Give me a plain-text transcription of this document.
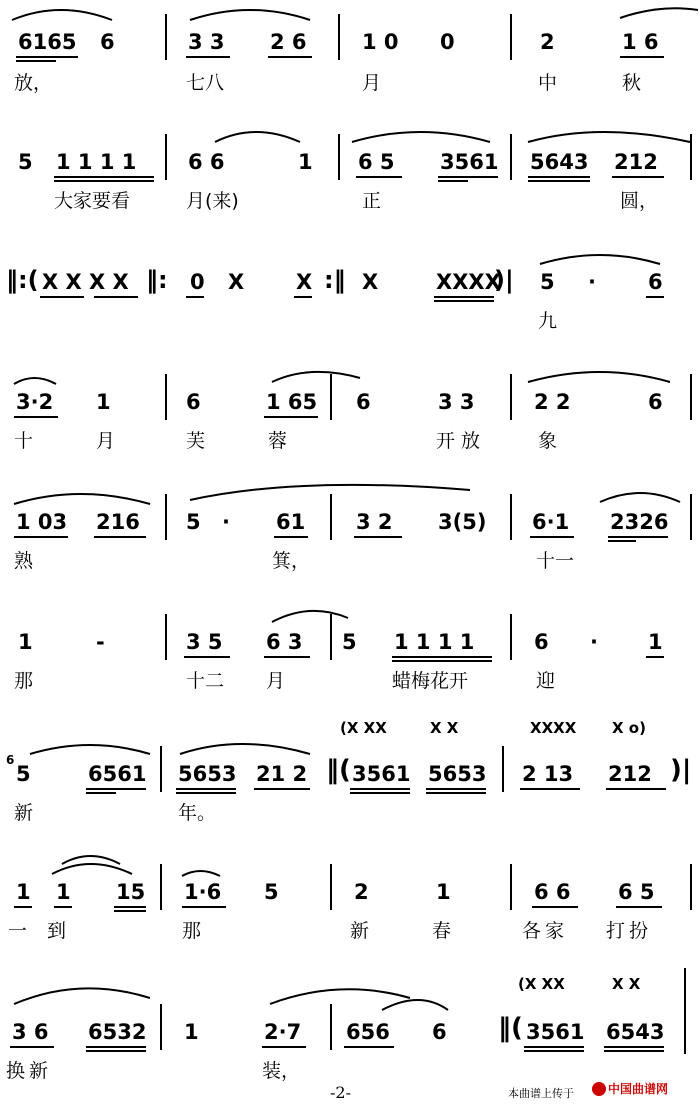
6165 6	3 3 2 6	1 0 0	2	1 6
放，	七八	月	中	秋
5 1 1 1 1 6 6	1 6 5 3561 5643 212
大家要看	月(来)	正	圆，
‖:( X X X X ‖: 0 X X :‖ X	XXXX
)| 5 · 6
九
3·2 1	6	1 65 6	3 3	2 2	6
十	月	芙	蓉	开放	象
1 03 216 5 · 61 3 2 3(5) 6·1 2326
熟	箕，	十一
1	-	3 5 6 3 5 1 1 1 1	6 · 1
那	十二 月	蜡梅花开	迎
(X XX	X X	XXXX X o)
6
5	6561 5653 21 2 ‖( 3561 5653 2 13 212 )|
新	年。
1 1 15 1·6 5	2	1	6 6 6 5
一到	那	新	春	各家 打扮
(X XX	X X
3 6 6532 1	2·7 656 6 ‖( 3561 6543
换新	装，
-2-	本曲谱上传于	中国曲谱网
